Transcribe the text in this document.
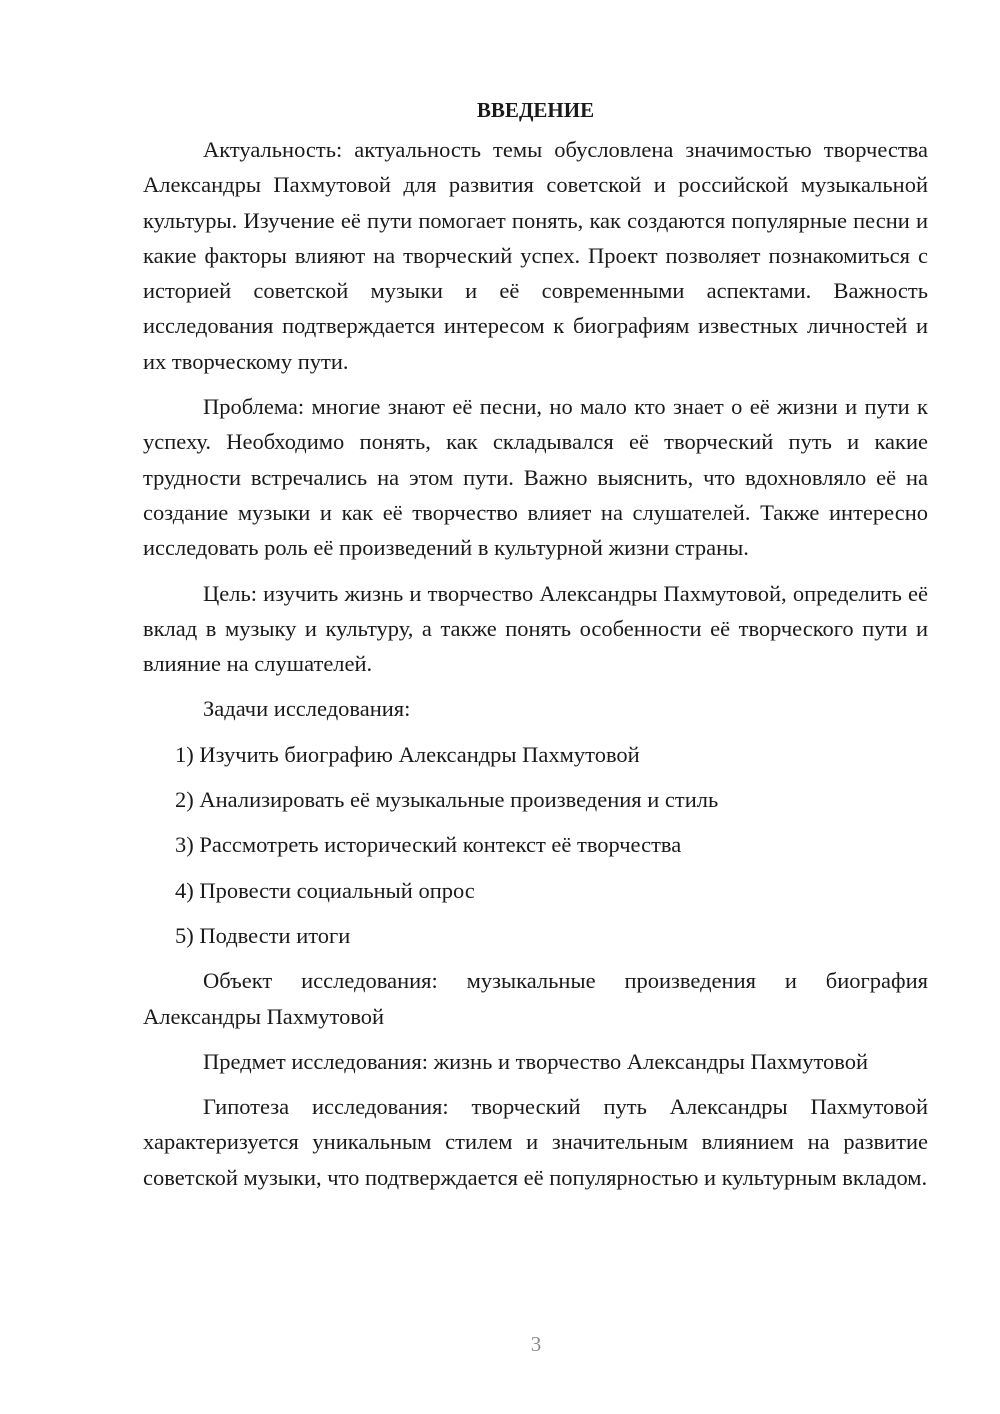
ВВЕДЕНИЕ

Актуальность: актуальность темы обусловлена значимостью творчества Александры Пахмутовой для развития советской и российской музыкальной культуры. Изучение её пути помогает понять, как создаются популярные песни и какие факторы влияют на творческий успех. Проект позволяет познакомиться с историей советской музыки и её современными аспектами. Важность исследования подтверждается интересом к биографиям известных личностей и их творческому пути.

Проблема: многие знают её песни, но мало кто знает о её жизни и пути к успеху. Необходимо понять, как складывался её творческий путь и какие трудности встречались на этом пути. Важно выяснить, что вдохновляло её на создание музыки и как её творчество влияет на слушателей. Также интересно исследовать роль её произведений в культурной жизни страны.

Цель: изучить жизнь и творчество Александры Пахмутовой, определить её вклад в музыку и культуру, а также понять особенности её творческого пути и влияние на слушателей.

Задачи исследования:

1) Изучить биографию Александры Пахмутовой
2) Анализировать её музыкальные произведения и стиль
3) Рассмотреть исторический контекст её творчества
4) Провести социальный опрос
5) Подвести итоги

Объект исследования: музыкальные произведения и биография Александры Пахмутовой

Предмет исследования: жизнь и творчество Александры Пахмутовой

Гипотеза исследования: творческий путь Александры Пахмутовой характеризуется уникальным стилем и значительным влиянием на развитие советской музыки, что подтверждается её популярностью и культурным вкладом.

3
